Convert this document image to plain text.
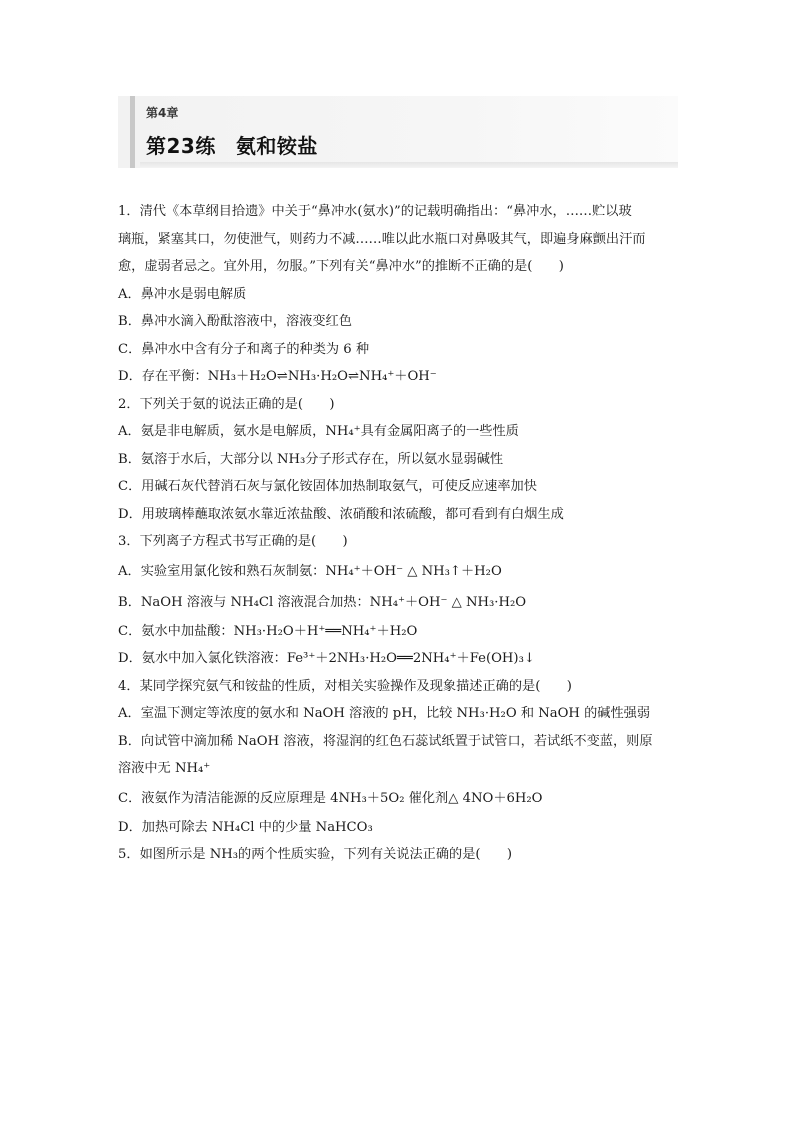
第4章
第23练 氨和铵盐
1．清代《本草纲目拾遗》中关于“鼻冲水(氨水)”的记载明确指出：“鼻冲水，……贮以玻
璃瓶，紧塞其口，勿使泄气，则药力不减……唯以此水瓶口对鼻吸其气，即遍身麻颤出汗而
愈，虚弱者忌之。宜外用，勿服。”下列有关“鼻冲水”的推断不正确的是(　　)
A．鼻冲水是弱电解质
B．鼻冲水滴入酚酞溶液中，溶液变红色
C．鼻冲水中含有分子和离子的种类为 6 种
D．存在平衡：NH₃＋H₂O⇌NH₃·H₂O⇌NH₄⁺＋OH⁻
2．下列关于氨的说法正确的是(　　)
A．氨是非电解质，氨水是电解质，NH₄⁺具有金属阳离子的一些性质
B．氨溶于水后，大部分以 NH₃分子形式存在，所以氨水显弱碱性
C．用碱石灰代替消石灰与氯化铵固体加热制取氨气，可使反应速率加快
D．用玻璃棒蘸取浓氨水靠近浓盐酸、浓硝酸和浓硫酸，都可看到有白烟生成
3．下列离子方程式书写正确的是(　　)
A．实验室用氯化铵和熟石灰制氨：NH₄⁺＋OH⁻ △ NH₃↑＋H₂O
B．NaOH 溶液与 NH₄Cl 溶液混合加热：NH₄⁺＋OH⁻ △ NH₃·H₂O
C．氨水中加盐酸：NH₃·H₂O＋H⁺══NH₄⁺＋H₂O
D．氨水中加入氯化铁溶液：Fe³⁺＋2NH₃·H₂O══2NH₄⁺＋Fe(OH)₃↓
4．某同学探究氨气和铵盐的性质，对相关实验操作及现象描述正确的是(　　)
A．室温下测定等浓度的氨水和 NaOH 溶液的 pH，比较 NH₃·H₂O 和 NaOH 的碱性强弱
B．向试管中滴加稀 NaOH 溶液，将湿润的红色石蕊试纸置于试管口，若试纸不变蓝，则原
溶液中无 NH₄⁺
C．液氨作为清洁能源的反应原理是 4NH₃＋5O₂ 催化剂△ 4NO＋6H₂O
D．加热可除去 NH₄Cl 中的少量 NaHCO₃
5．如图所示是 NH₃的两个性质实验，下列有关说法正确的是(　　)
